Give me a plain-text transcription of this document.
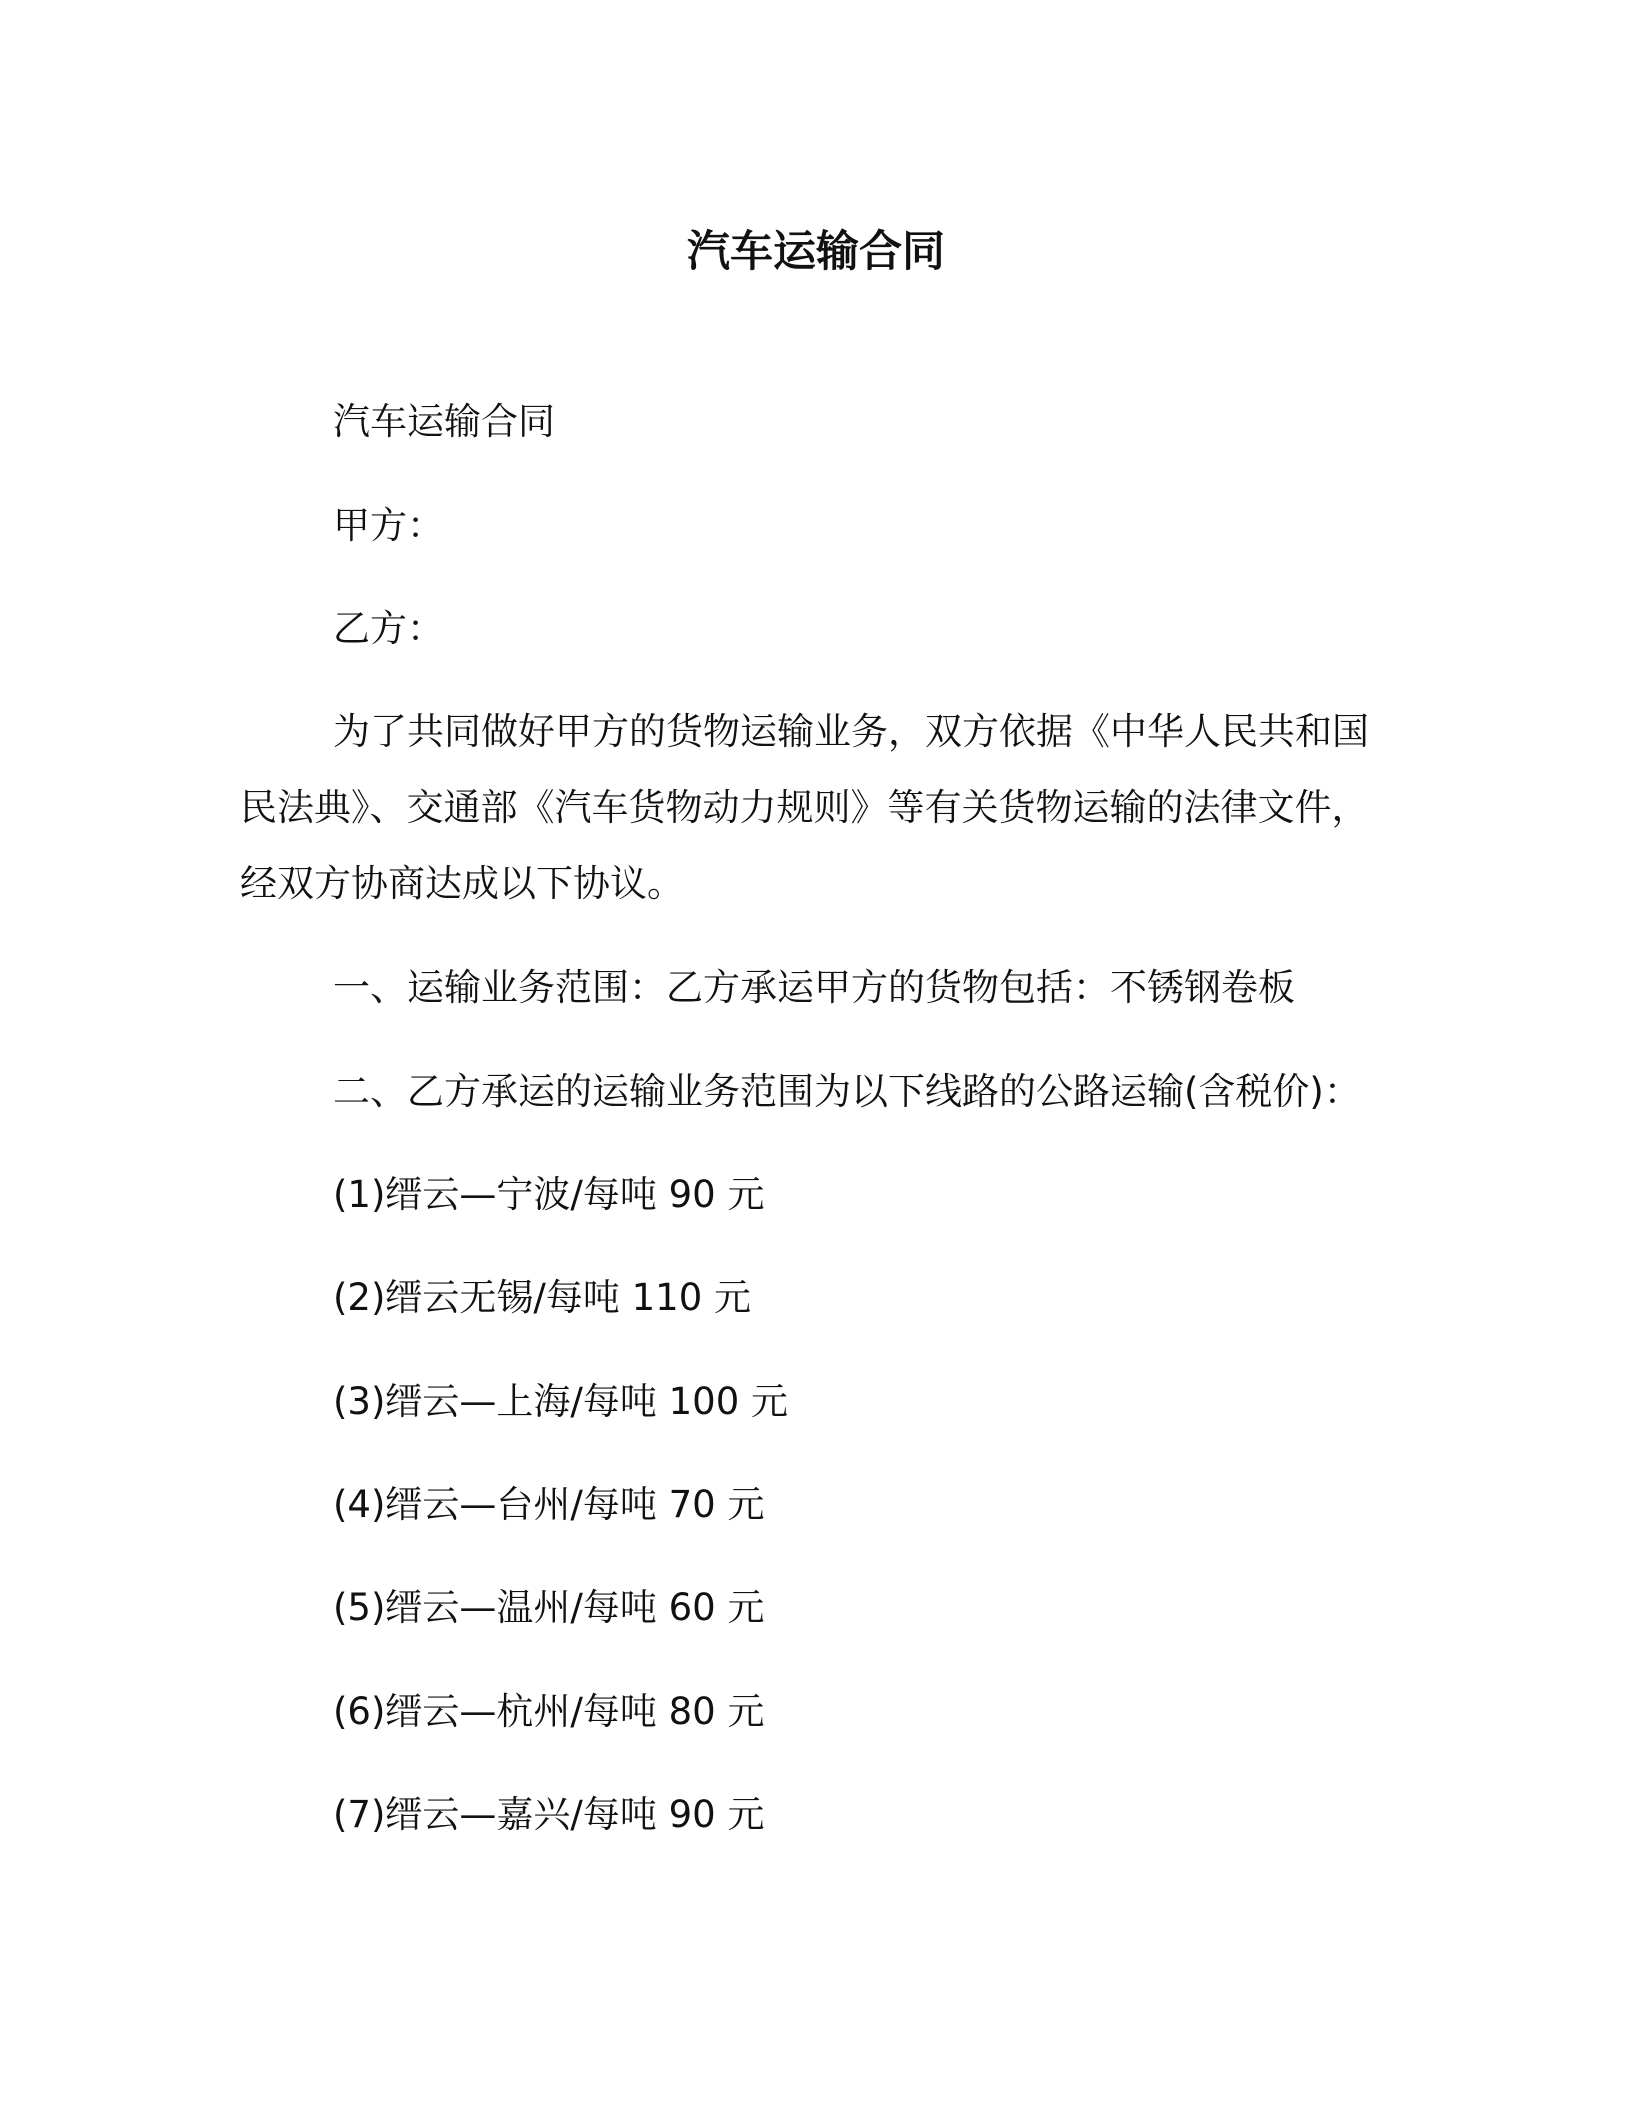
汽车运输合同
汽车运输合同
甲方：
乙方：
为了共同做好甲方的货物运输业务，双方依据《中华人民共和国民法典》、交通部《汽车货物动力规则》等有关货物运输的法律文件，经双方协商达成以下协议。
一、运输业务范围：乙方承运甲方的货物包括：不锈钢卷板
二、乙方承运的运输业务范围为以下线路的公路运输(含税价)：
(1)缙云—宁波/每吨 90 元
(2)缙云无锡/每吨 110 元
(3)缙云—上海/每吨 100 元
(4)缙云—台州/每吨 70 元
(5)缙云—温州/每吨 60 元
(6)缙云—杭州/每吨 80 元
(7)缙云—嘉兴/每吨 90 元
